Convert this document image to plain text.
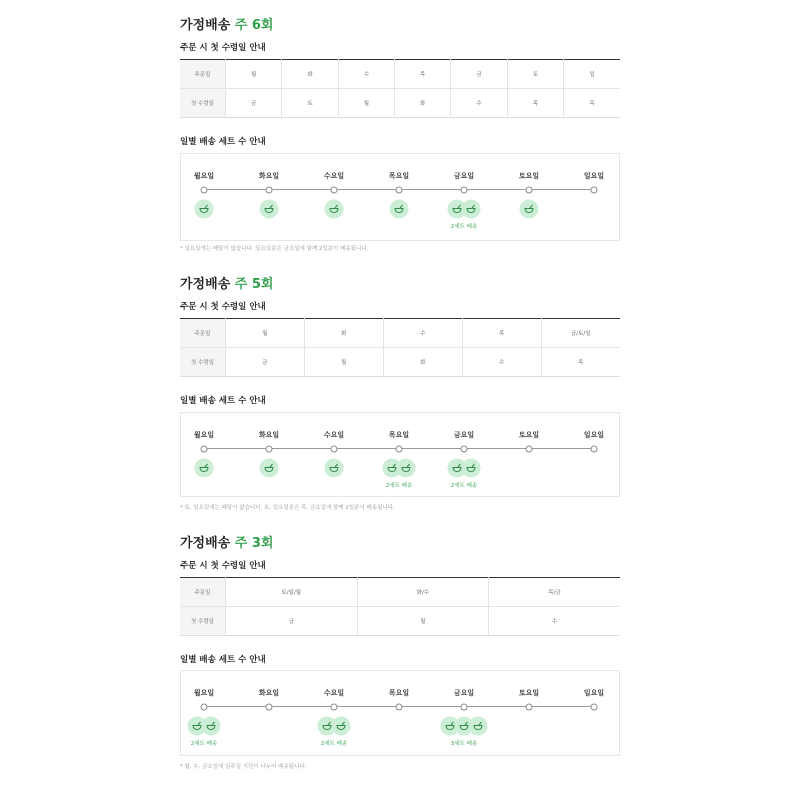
가정배송 주 6회
주문 시 첫 수령일 안내
주문일	월	화	수	목	금	토	일
첫 수령일	금	토	월	화	수	목	목
일별 배송 세트 수 안내
월요일	화요일	수요일	목요일	금요일
2세트 배송
토요일	일요일
* 일요일에는 배달이 없습니다. 일요일분은 금요일에 함께 2일분이 배송됩니다.
가정배송 주 5회
주문 시 첫 수령일 안내
주문일	월	화	수	목	금/토/일
첫 수령일	금	월	화	수	목
일별 배송 세트 수 안내
월요일	화요일	수요일	목요일
2세트 배송
금요일
2세트 배송
토요일	일요일
* 토, 일요일에는 배달이 없습니다. 토, 일요일분은 목, 금요일에 함께 2일분이 배송됩니다.
가정배송 주 3회
주문 시 첫 수령일 안내
주문일	토/일/월	화/수	목/금
첫 수령일	금	월	수
일별 배송 세트 수 안내
월요일
2세트 배송
화요일	수요일
2세트 배송
목요일	금요일
3세트 배송
토요일	일요일
* 월, 수, 금요일에 일주일 식단이 나누어 배송됩니다.
